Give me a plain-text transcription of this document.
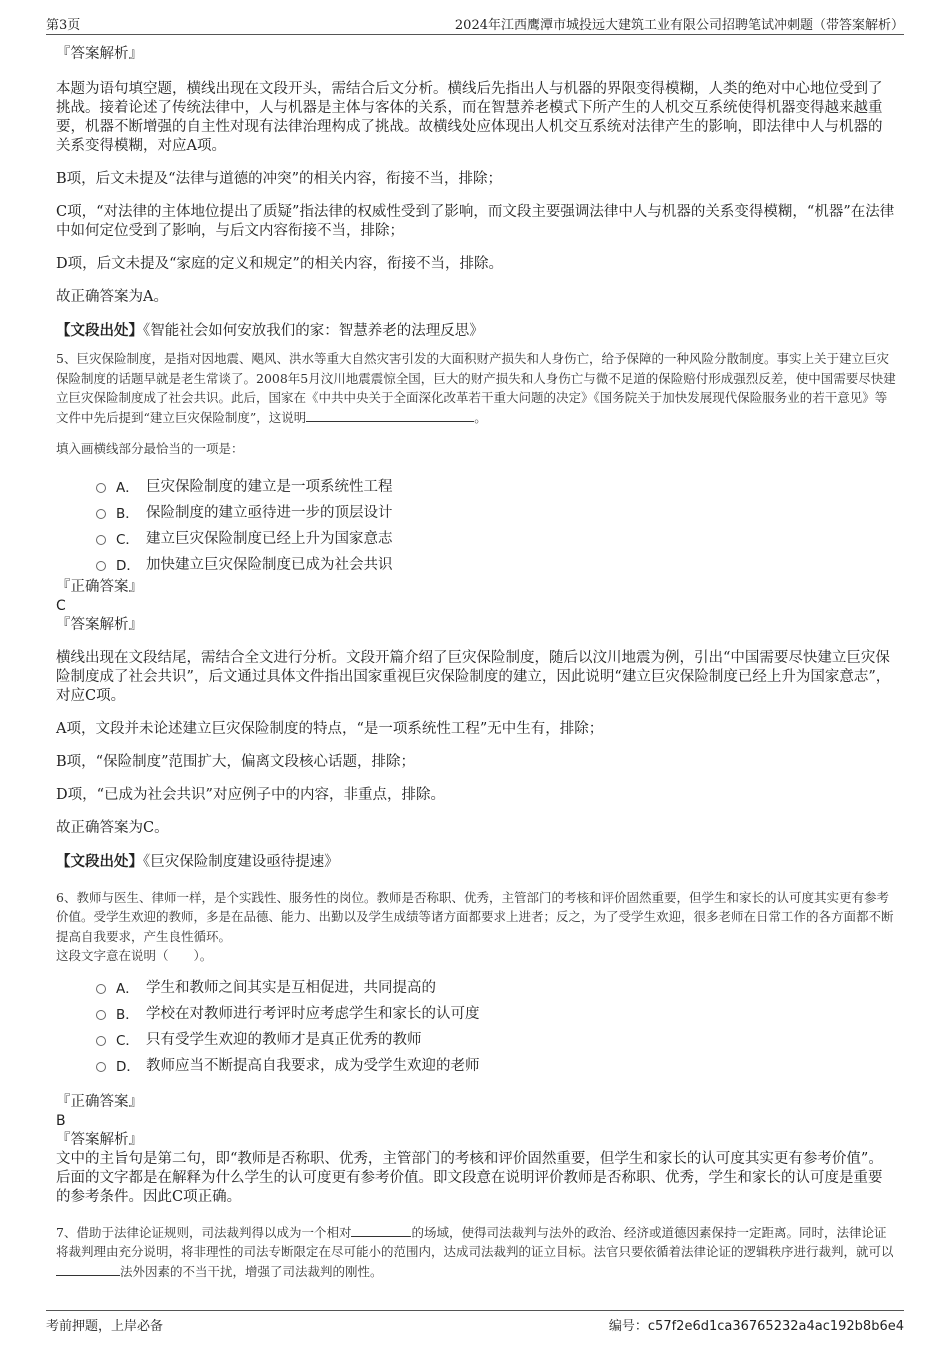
第3页	2024年江西鹰潭市城投远大建筑工业有限公司招聘笔试冲刺题（带答案解析）
『答案解析』

本题为语句填空题，横线出现在文段开头，需结合后文分析。横线后先指出人与机器的界限变得模糊，人类的绝对中心地位受到了挑战。接着论述了传统法律中，人与机器是主体与客体的关系，而在智慧养老模式下所产生的人机交互系统使得机器变得越来越重要，机器不断增强的自主性对现有法律治理构成了挑战。故横线处应体现出人机交互系统对法律产生的影响，即法律中人与机器的关系变得模糊，对应A项。

B项，后文未提及“法律与道德的冲突”的相关内容，衔接不当，排除；

C项，“对法律的主体地位提出了质疑”指法律的权威性受到了影响，而文段主要强调法律中人与机器的关系变得模糊，“机器”在法律中如何定位受到了影响，与后文内容衔接不当，排除；

D项，后文未提及“家庭的定义和规定”的相关内容，衔接不当，排除。

故正确答案为A。

【文段出处】《智能社会如何安放我们的家：智慧养老的法理反思》

5、巨灾保险制度，是指对因地震、飓风、洪水等重大自然灾害引发的大面积财产损失和人身伤亡，给予保障的一种风险分散制度。事实上关于建立巨灾保险制度的话题早就是老生常谈了。2008年5月汶川地震震惊全国，巨大的财产损失和人身伤亡与微不足道的保险赔付形成强烈反差，使中国需要尽快建立巨灾保险制度成了社会共识。此后，国家在《中共中央关于全面深化改革若干重大问题的决定》《国务院关于加快发展现代保险服务业的若干意见》等文件中先后提到“建立巨灾保险制度”，这说明	。

填入画横线部分最恰当的一项是：

A． 巨灾保险制度的建立是一项系统性工程
B． 保险制度的建立亟待进一步的顶层设计
C． 建立巨灾保险制度已经上升为国家意志
D． 加快建立巨灾保险制度已成为社会共识
『正确答案』
C
『答案解析』

横线出现在文段结尾，需结合全文进行分析。文段开篇介绍了巨灾保险制度，随后以汶川地震为例，引出“中国需要尽快建立巨灾保险制度成了社会共识”，后文通过具体文件指出国家重视巨灾保险制度的建立，因此说明“建立巨灾保险制度已经上升为国家意志”，对应C项。

A项，文段并未论述建立巨灾保险制度的特点，“是一项系统性工程”无中生有，排除；

B项，“保险制度”范围扩大，偏离文段核心话题，排除；

D项，“已成为社会共识”对应例子中的内容，非重点，排除。

故正确答案为C。

【文段出处】《巨灾保险制度建设亟待提速》

6、教师与医生、律师一样，是个实践性、服务性的岗位。教师是否称职、优秀，主管部门的考核和评价固然重要，但学生和家长的认可度其实更有参考价值。受学生欢迎的教师，多是在品德、能力、出勤以及学生成绩等诸方面都要求上进者；反之，为了受学生欢迎，很多老师在日常工作的各方面都不断提高自我要求，产生良性循环。

这段文字意在说明（　　）。

A． 学生和教师之间其实是互相促进，共同提高的
B． 学校在对教师进行考评时应考虑学生和家长的认可度
C． 只有受学生欢迎的教师才是真正优秀的教师
D． 教师应当不断提高自我要求，成为受学生欢迎的老师
『正确答案』
B
『答案解析』

文中的主旨句是第二句，即“教师是否称职、优秀，主管部门的考核和评价固然重要，但学生和家长的认可度其实更有参考价值”。后面的文字都是在解释为什么学生的认可度更有参考价值。即文段意在说明评价教师是否称职、优秀，学生和家长的认可度是重要的参考条件。因此C项正确。

7、借助于法律论证规则，司法裁判得以成为一个相对	的场域，使得司法裁判与法外的政治、经济或道德因素保持一定距离。同时，法律论证将裁判理由充分说明，将非理性的司法专断限定在尽可能小的范围内，达成司法裁判的证立目标。法官只要依循着法律论证的逻辑秩序进行裁判，就可以法外因素的不当干扰，增强了司法裁判的刚性。

考前押题，上岸必备	编号：c57f2e6d1ca36765232a4ac192b8b6e4
